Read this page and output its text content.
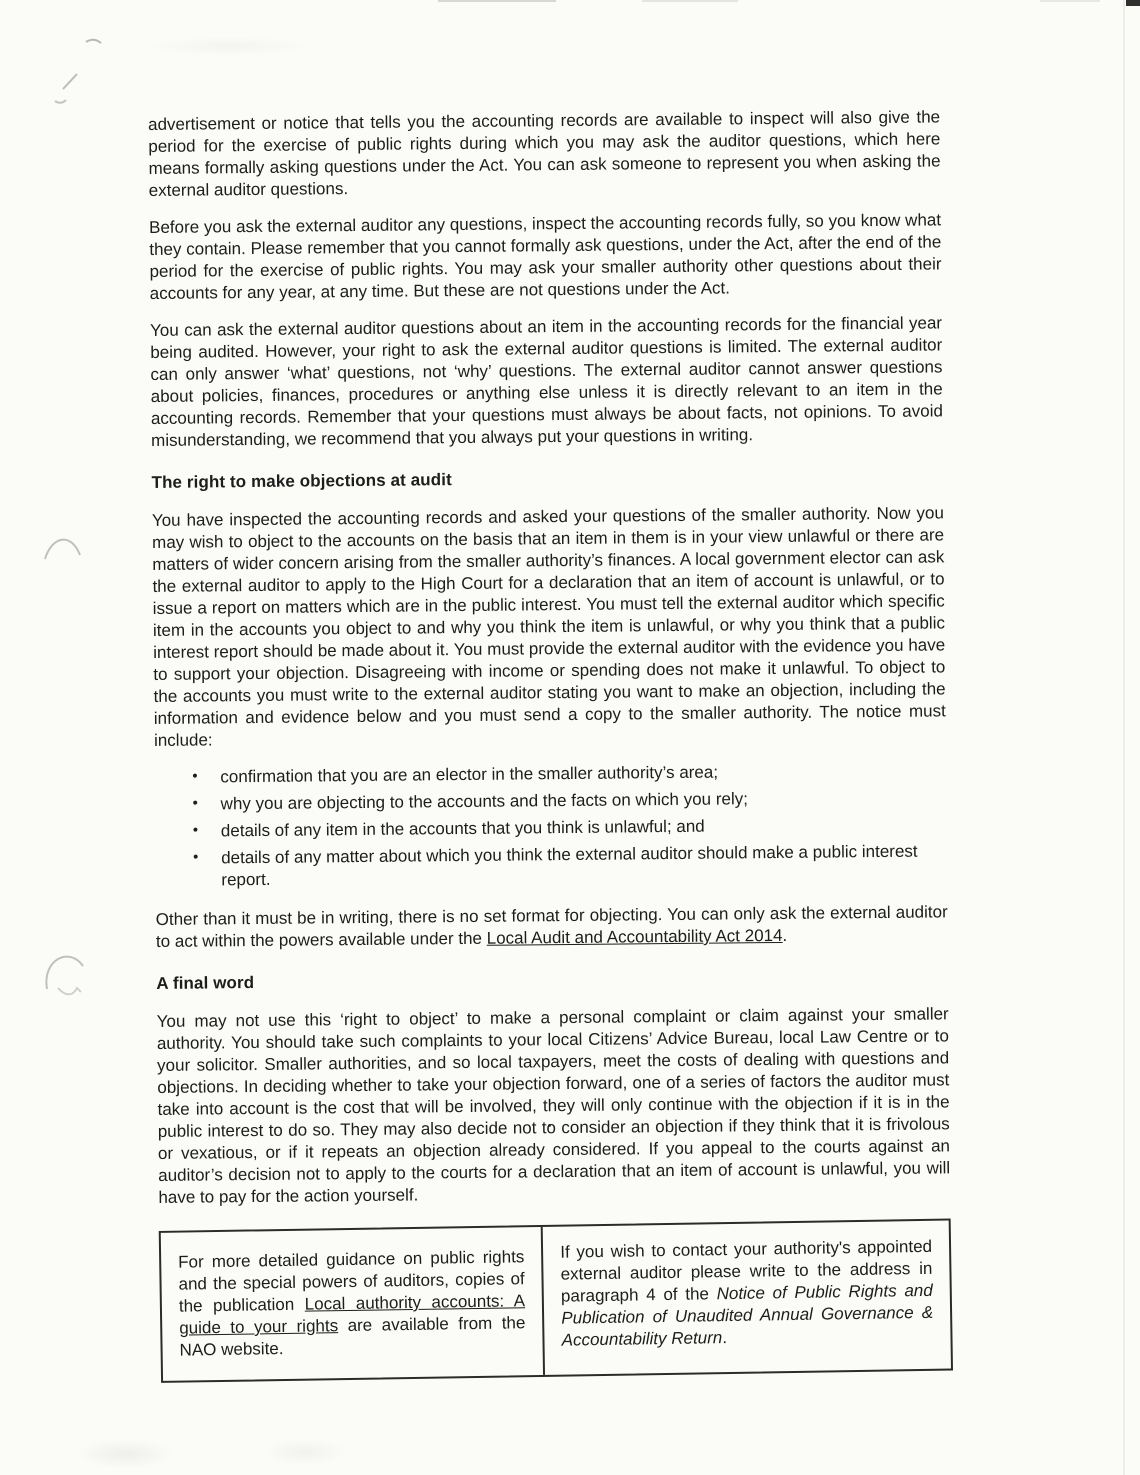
advertisement or notice that tells you the accounting records are available to inspect will also give the period for the exercise of public rights during which you may ask the auditor questions, which here means formally asking questions under the Act. You can ask someone to represent you when asking the external auditor questions.

Before you ask the external auditor any questions, inspect the accounting records fully, so you know what they contain. Please remember that you cannot formally ask questions, under the Act, after the end of the period for the exercise of public rights. You may ask your smaller authority other questions about their accounts for any year, at any time. But these are not questions under the Act.

You can ask the external auditor questions about an item in the accounting records for the financial year being audited. However, your right to ask the external auditor questions is limited. The external auditor can only answer ‘what’ questions, not ‘why’ questions. The external auditor cannot answer questions about policies, finances, procedures or anything else unless it is directly relevant to an item in the accounting records. Remember that your questions must always be about facts, not opinions. To avoid misunderstanding, we recommend that you always put your questions in writing.

The right to make objections at audit

You have inspected the accounting records and asked your questions of the smaller authority. Now you may wish to object to the accounts on the basis that an item in them is in your view unlawful or there are matters of wider concern arising from the smaller authority’s finances. A local government elector can ask the external auditor to apply to the High Court for a declaration that an item of account is unlawful, or to issue a report on matters which are in the public interest. You must tell the external auditor which specific item in the accounts you object to and why you think the item is unlawful, or why you think that a public interest report should be made about it. You must provide the external auditor with the evidence you have to support your objection. Disagreeing with income or spending does not make it unlawful. To object to the accounts you must write to the external auditor stating you want to make an objection, including the information and evidence below and you must send a copy to the smaller authority. The notice must include:

• confirmation that you are an elector in the smaller authority’s area;
• why you are objecting to the accounts and the facts on which you rely;
• details of any item in the accounts that you think is unlawful; and
• details of any matter about which you think the external auditor should make a public interest report.

Other than it must be in writing, there is no set format for objecting. You can only ask the external auditor to act within the powers available under the Local Audit and Accountability Act 2014.

A final word

You may not use this ‘right to object’ to make a personal complaint or claim against your smaller authority. You should take such complaints to your local Citizens’ Advice Bureau, local Law Centre or to your solicitor. Smaller authorities, and so local taxpayers, meet the costs of dealing with questions and objections. In deciding whether to take your objection forward, one of a series of factors the auditor must take into account is the cost that will be involved, they will only continue with the objection if it is in the public interest to do so. They may also decide not to consider an objection if they think that it is frivolous or vexatious, or if it repeats an objection already considered. If you appeal to the courts against an auditor’s decision not to apply to the courts for a declaration that an item of account is unlawful, you will have to pay for the action yourself.

For more detailed guidance on public rights and the special powers of auditors, copies of the publication Local authority accounts: A guide to your rights are available from the NAO website.

If you wish to contact your authority's appointed external auditor please write to the address in paragraph 4 of the Notice of Public Rights and Publication of Unaudited Annual Governance & Accountability Return.
